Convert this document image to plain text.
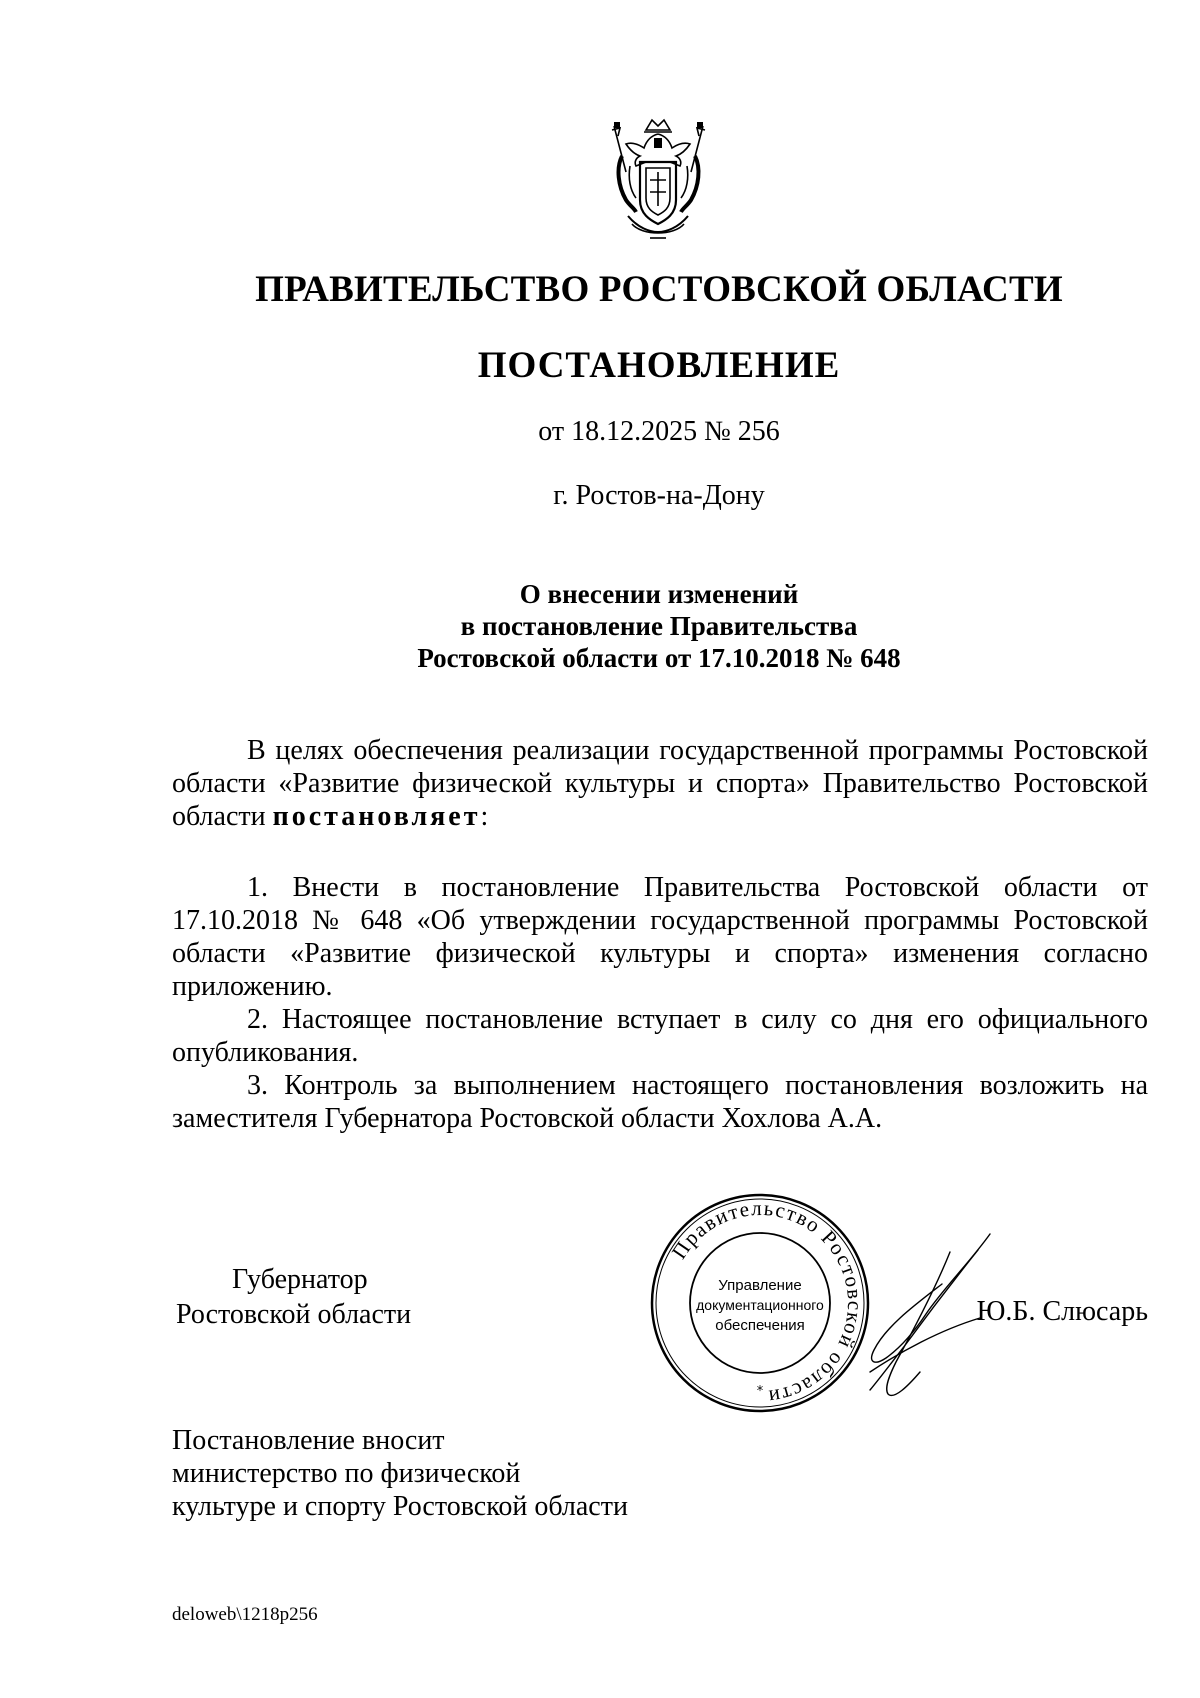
ПРАВИТЕЛЬСТВО РОСТОВСКОЙ ОБЛАСТИ
ПОСТАНОВЛЕНИЕ
от 18.12.2025 № 256
г. Ростов-на-Дону
О внесении изменений
в постановление Правительства
Ростовской области от 17.10.2018 № 648

В целях обеспечения реализации государственной программы Ростовской области «Развитие физической культуры и спорта» Правительство Ростовской области постановляет:

1. Внести в постановление Правительства Ростовской области от 17.10.2018 № 648 «Об утверждении государственной программы Ростовской области «Развитие физической культуры и спорта» изменения согласно приложению.

2. Настоящее постановление вступает в силу со дня его официального опубликования.

3. Контроль за выполнением настоящего постановления возложить на заместителя Губернатора Ростовской области Хохлова А.А.

Губернатор
Ростовской области
Правительство Ростовской области
Управление
документационного
обеспечения
*
Ю.Б. Слюсарь
Постановление вносит
министерство по физической
культуре и спорту Ростовской области
deloweb\1218p256
